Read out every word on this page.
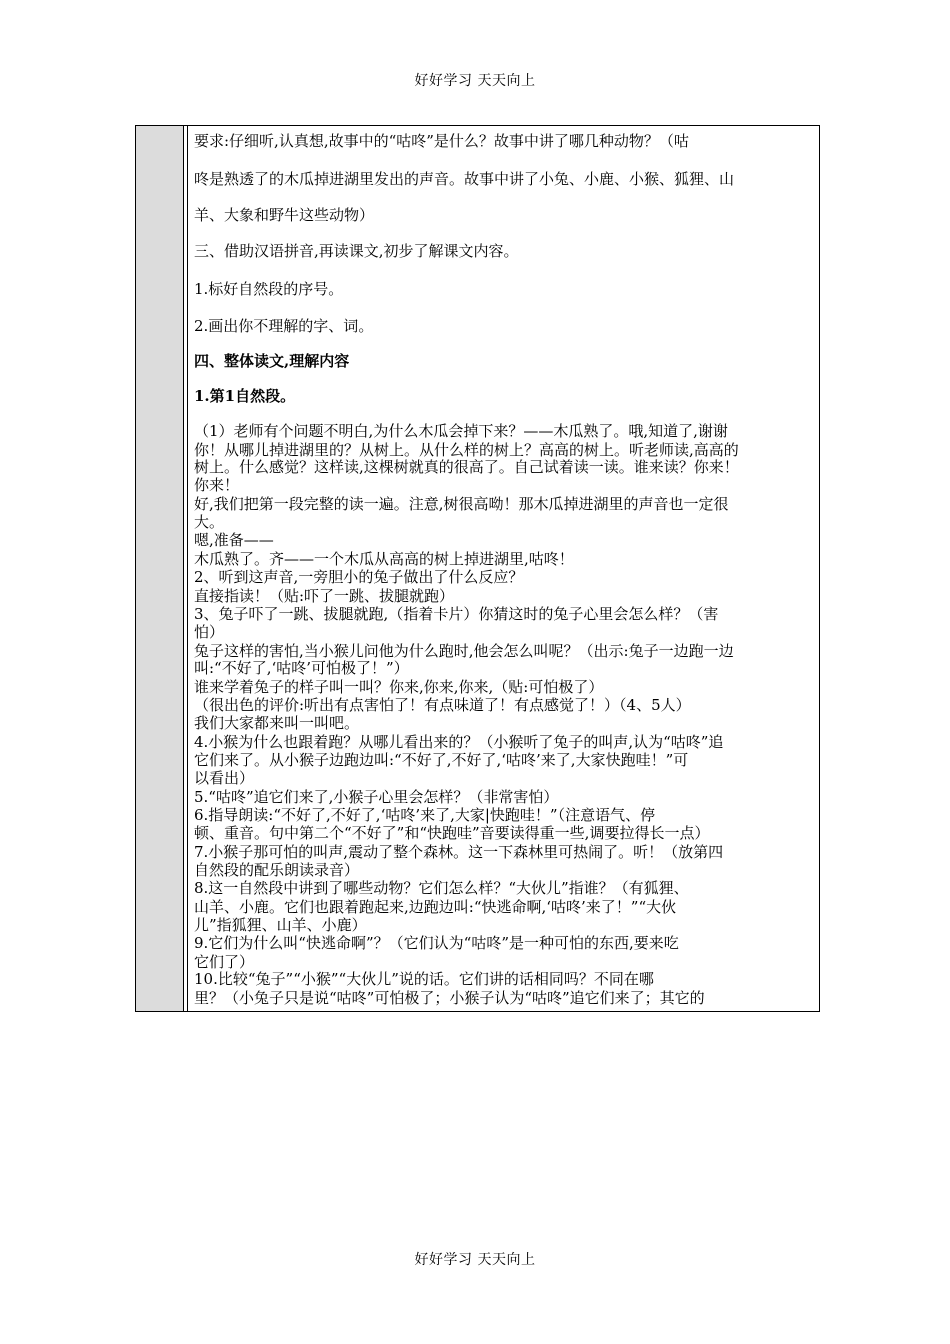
好好学习 天天向上
要求:仔细听,认真想,故事中的“咕咚”是什么？故事中讲了哪几种动物？（咕
咚是熟透了的木瓜掉进湖里发出的声音。故事中讲了小兔、小鹿、小猴、狐狸、山
羊、大象和野牛这些动物）
三、借助汉语拼音,再读课文,初步了解课文内容。
1.标好自然段的序号。
2.画出你不理解的字、词。
四、整体读文,理解内容
1.第1自然段。
（1）老师有个问题不明白,为什么木瓜会掉下来？——木瓜熟了。哦,知道了,谢谢
你！从哪儿掉进湖里的？从树上。从什么样的树上？高高的树上。听老师读,高高的
树上。什么感觉？这样读,这棵树就真的很高了。自己试着读一读。谁来读？你来！
你来！
好,我们把第一段完整的读一遍。注意,树很高呦！那木瓜掉进湖里的声音也一定很
大。
嗯,准备——
木瓜熟了。齐——一个木瓜从高高的树上掉进湖里,咕咚！
2、听到这声音,一旁胆小的兔子做出了什么反应？
直接指读！（贴:吓了一跳、拔腿就跑）
3、兔子吓了一跳、拔腿就跑,（指着卡片）你猜这时的兔子心里会怎么样？（害
怕）
兔子这样的害怕,当小猴儿问他为什么跑时,他会怎么叫呢？（出示:兔子一边跑一边
叫:“不好了,‘咕咚’可怕极了！”）
谁来学着兔子的样子叫一叫？你来,你来,你来,（贴:可怕极了）
（很出色的评价:听出有点害怕了！有点味道了！有点感觉了！）（4、5人）
我们大家都来叫一叫吧。
4.小猴为什么也跟着跑？从哪儿看出来的？（小猴听了兔子的叫声,认为“咕咚”追
它们来了。从小猴子边跑边叫:“不好了,不好了,‘咕咚’来了,大家快跑哇！”可
以看出）
5.“咕咚”追它们来了,小猴子心里会怎样？（非常害怕）
6.指导朗读:“不好了,不好了,‘咕咚’来了,大家|快跑哇！”（注意语气、停
顿、重音。句中第二个“不好了”和“快跑哇”音要读得重一些,调要拉得长一点）
7.小猴子那可怕的叫声,震动了整个森林。这一下森林里可热闹了。听！（放第四
自然段的配乐朗读录音）
8.这一自然段中讲到了哪些动物？它们怎么样？“大伙儿”指谁？（有狐狸、
山羊、小鹿。它们也跟着跑起来,边跑边叫:“快逃命啊,‘咕咚’来了！”“大伙
儿”指狐狸、山羊、小鹿）
9.它们为什么叫“快逃命啊”？（它们认为“咕咚”是一种可怕的东西,要来吃
它们了）
10.比较“兔子”“小猴”“大伙儿”说的话。它们讲的话相同吗？不同在哪
里？（小兔子只是说“咕咚”可怕极了；小猴子认为“咕咚”追它们来了；其它的
好好学习 天天向上
